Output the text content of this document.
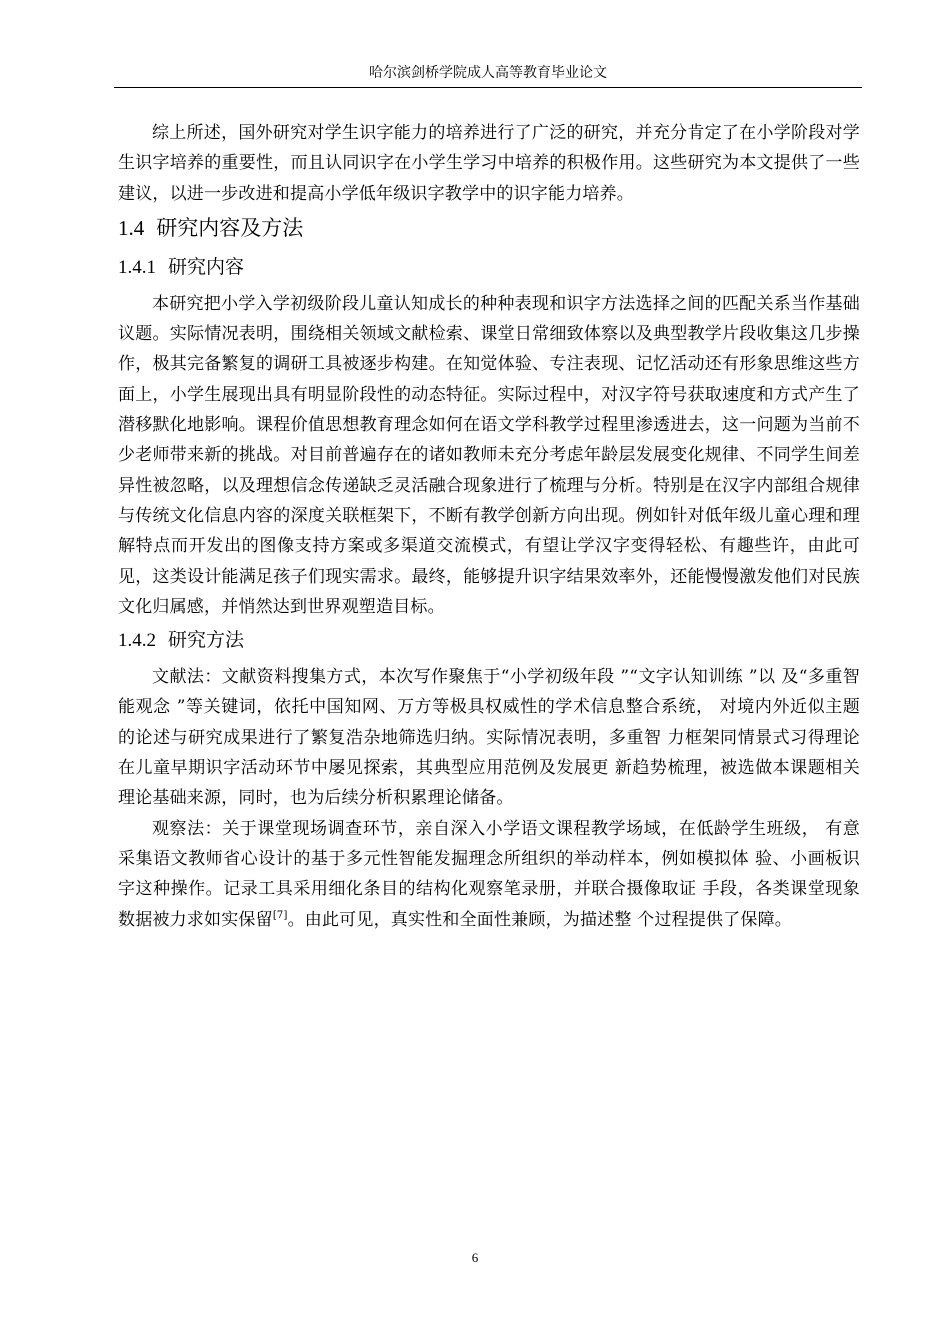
哈尔滨剑桥学院成人高等教育毕业论文

综上所述，国外研究对学生识字能力的培养进行了广泛的研究，并充分肯定了在小学阶段对学生识字培养的重要性，而且认同识字在小学生学习中培养的积极作用。这些研究为本文提供了一些建议，以进一步改进和提高小学低年级识字教学中的识字能力培养。

1.4 研究内容及方法
1.4.1 研究内容

本研究把小学入学初级阶段儿童认知成长的种种表现和识字方法选择之间的匹配关系当作基础议题。实际情况表明，围绕相关领域文献检索、课堂日常细致体察以及典型教学片段收集这几步操作，极其完备繁复的调研工具被逐步构建。在知觉体验、专注表现、记忆活动还有形象思维这些方面上，小学生展现出具有明显阶段性的动态特征。实际过程中，对汉字符号获取速度和方式产生了潜移默化地影响。课程价值思想教育理念如何在语文学科教学过程里渗透进去，这一问题为当前不少老师带来新的挑战。对目前普遍存在的诸如教师未充分考虑年龄层发展变化规律、不同学生间差异性被忽略，以及理想信念传递缺乏灵活融合现象进行了梳理与分析。特别是在汉字内部组合规律与传统文化信息内容的深度关联框架下，不断有教学创新方向出现。例如针对低年级儿童心理和理解特点而开发出的图像支持方案或多渠道交流模式，有望让学汉字变得轻松、有趣些许，由此可见，这类设计能满足孩子们现实需求。最终，能够提升识字结果效率外，还能慢慢激发他们对民族文化归属感，并悄然达到世界观塑造目标。

1.4.2 研究方法

文献法：文献资料搜集方式，本次写作聚焦于“小学初级年段 ”“文字认知训练 ”以 及“多重智能观念 ”等关键词，依托中国知网、万方等极具权威性的学术信息整合系统， 对境内外近似主题的论述与研究成果进行了繁复浩杂地筛选归纳。实际情况表明，多重智 力框架同情景式习得理论在儿童早期识字活动环节中屡见探索，其典型应用范例及发展更 新趋势梳理，被选做本课题相关理论基础来源，同时，也为后续分析积累理论储备。

观察法：关于课堂现场调查环节，亲自深入小学语文课程教学场域，在低龄学生班级， 有意采集语文教师省心设计的基于多元性智能发掘理念所组织的举动样本，例如模拟体 验、小画板识字这种操作。记录工具采用细化条目的结构化观察笔录册，并联合摄像取证 手段，各类课堂现象数据被力求如实保留[7]。由此可见，真实性和全面性兼顾，为描述整 个过程提供了保障。

6
